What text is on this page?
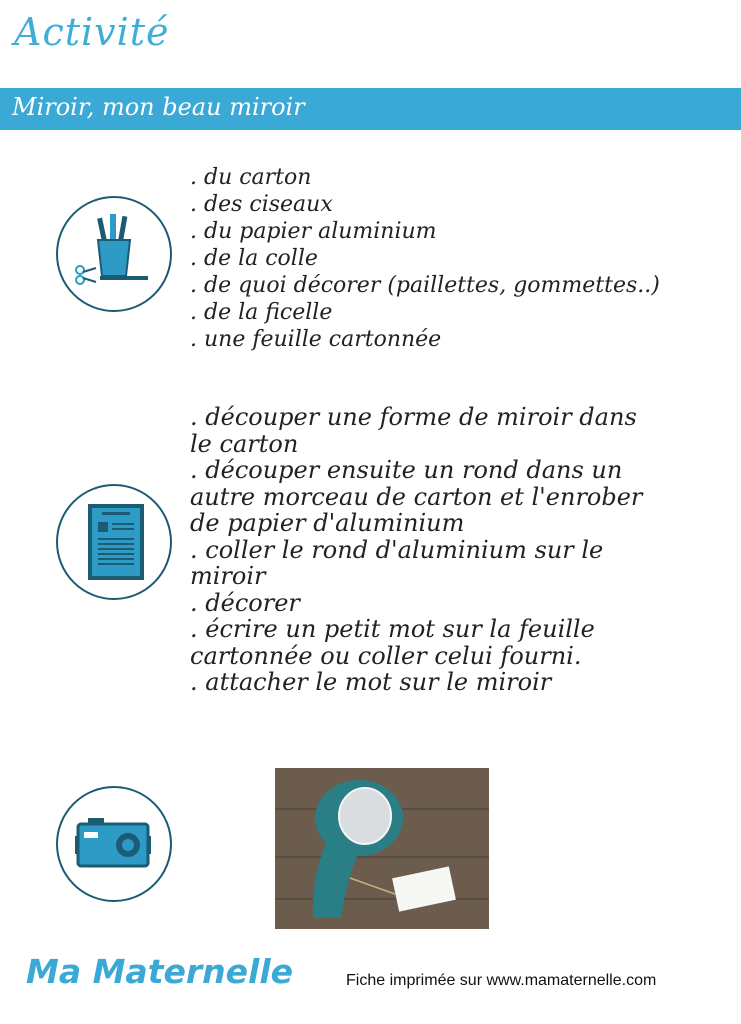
Activité
Miroir, mon beau miroir
. du carton
. des ciseaux
. du papier aluminium
. de la colle
. de quoi décorer (paillettes, gommettes..)
. de la ficelle
. une feuille cartonnée
. découper une forme de miroir dans
le carton
. découper ensuite un rond dans un
autre morceau de carton et l'enrober
de papier d'aluminium
. coller le rond d'aluminium sur le
miroir
. décorer
. écrire un petit mot sur la feuille
cartonnée ou coller celui fourni.
. attacher le mot sur le miroir
Ma Maternelle	Fiche imprimée sur www.mamaternelle.com
